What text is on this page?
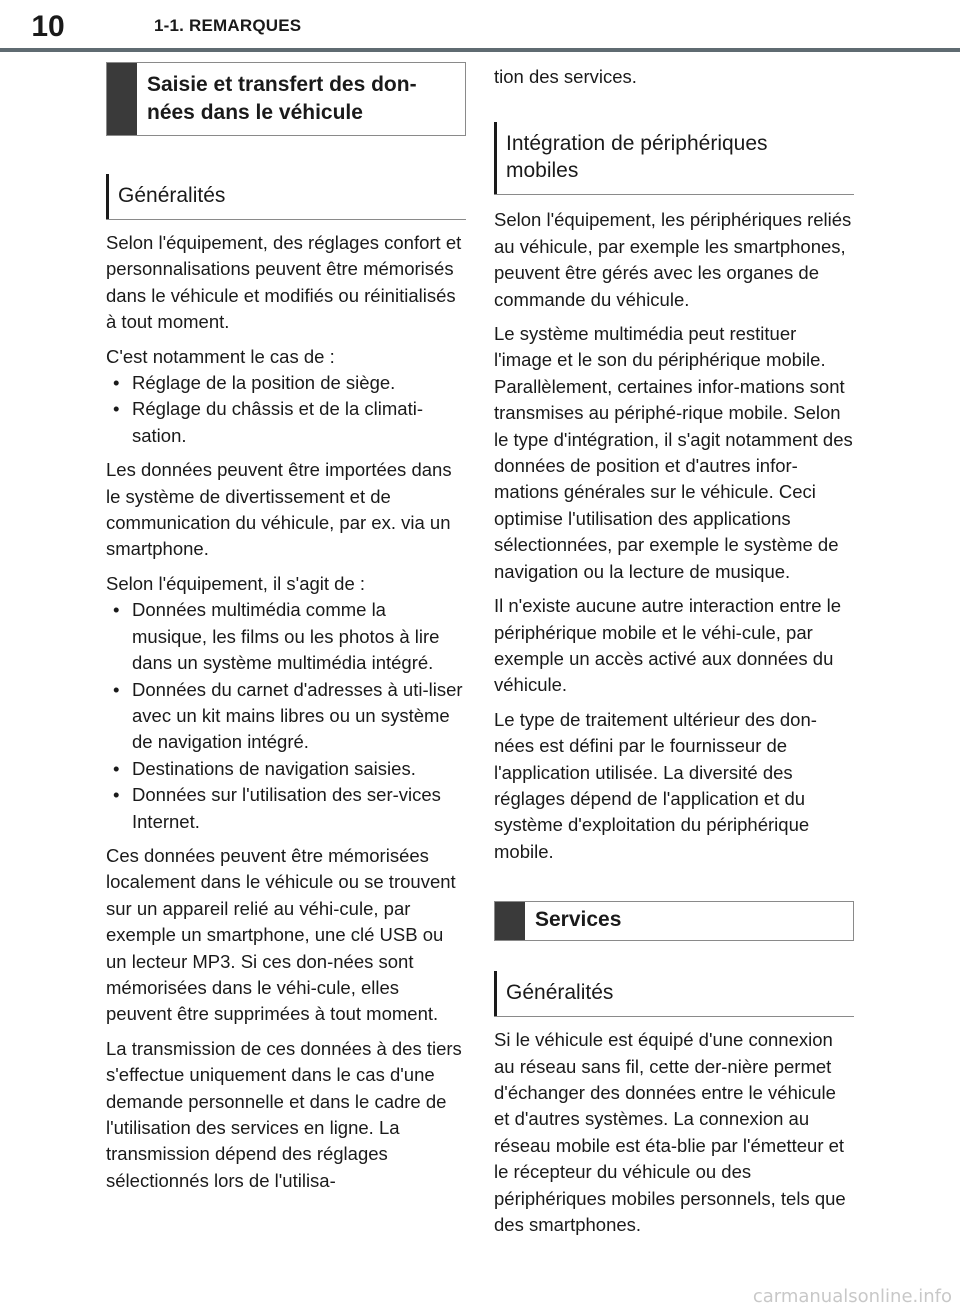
10	1-1. REMARQUES
Saisie et transfert des don-nées dans le véhicule
Généralités

Selon l'équipement, des réglages confort et personnalisations peuvent être mémorisés dans le véhicule et modifiés ou réinitialisés à tout moment.

C'est notamment le cas de :

• Réglage de la position de siège.
• Réglage du châssis et de la climati-sation.

Les données peuvent être importées dans le système de divertissement et de communication du véhicule, par ex. via un smartphone.

Selon l'équipement, il s'agit de :

• Données multimédia comme la musique, les films ou les photos à lire dans un système multimédia intégré.
• Données du carnet d'adresses à uti-liser avec un kit mains libres ou un système de navigation intégré.
• Destinations de navigation saisies.
• Données sur l'utilisation des ser-vices Internet.

Ces données peuvent être mémorisées localement dans le véhicule ou se trouvent sur un appareil relié au véhi-cule, par exemple un smartphone, une clé USB ou un lecteur MP3. Si ces don-nées sont mémorisées dans le véhi-cule, elles peuvent être supprimées à tout moment.

La transmission de ces données à des tiers s'effectue uniquement dans le cas d'une demande personnelle et dans le cadre de l'utilisation des services en ligne. La transmission dépend des réglages sélectionnés lors de l'utilisa-

tion des services.

Intégration de périphériques mobiles

Selon l'équipement, les périphériques reliés au véhicule, par exemple les smartphones, peuvent être gérés avec les organes de commande du véhicule.

Le système multimédia peut restituer l'image et le son du périphérique mobile. Parallèlement, certaines infor-mations sont transmises au périphé-rique mobile. Selon le type d'intégration, il s'agit notamment des données de position et d'autres infor-mations générales sur le véhicule. Ceci optimise l'utilisation des applications sélectionnées, par exemple le système de navigation ou la lecture de musique.

Il n'existe aucune autre interaction entre le périphérique mobile et le véhi-cule, par exemple un accès activé aux données du véhicule.

Le type de traitement ultérieur des don-nées est défini par le fournisseur de l'application utilisée. La diversité des réglages dépend de l'application et du système d'exploitation du périphérique mobile.

Services
Généralités

Si le véhicule est équipé d'une connexion au réseau sans fil, cette der-nière permet d'échanger des données entre le véhicule et d'autres systèmes. La connexion au réseau mobile est éta-blie par l'émetteur et le récepteur du véhicule ou des périphériques mobiles personnels, tels que des smartphones.

carmanualsonline.info
